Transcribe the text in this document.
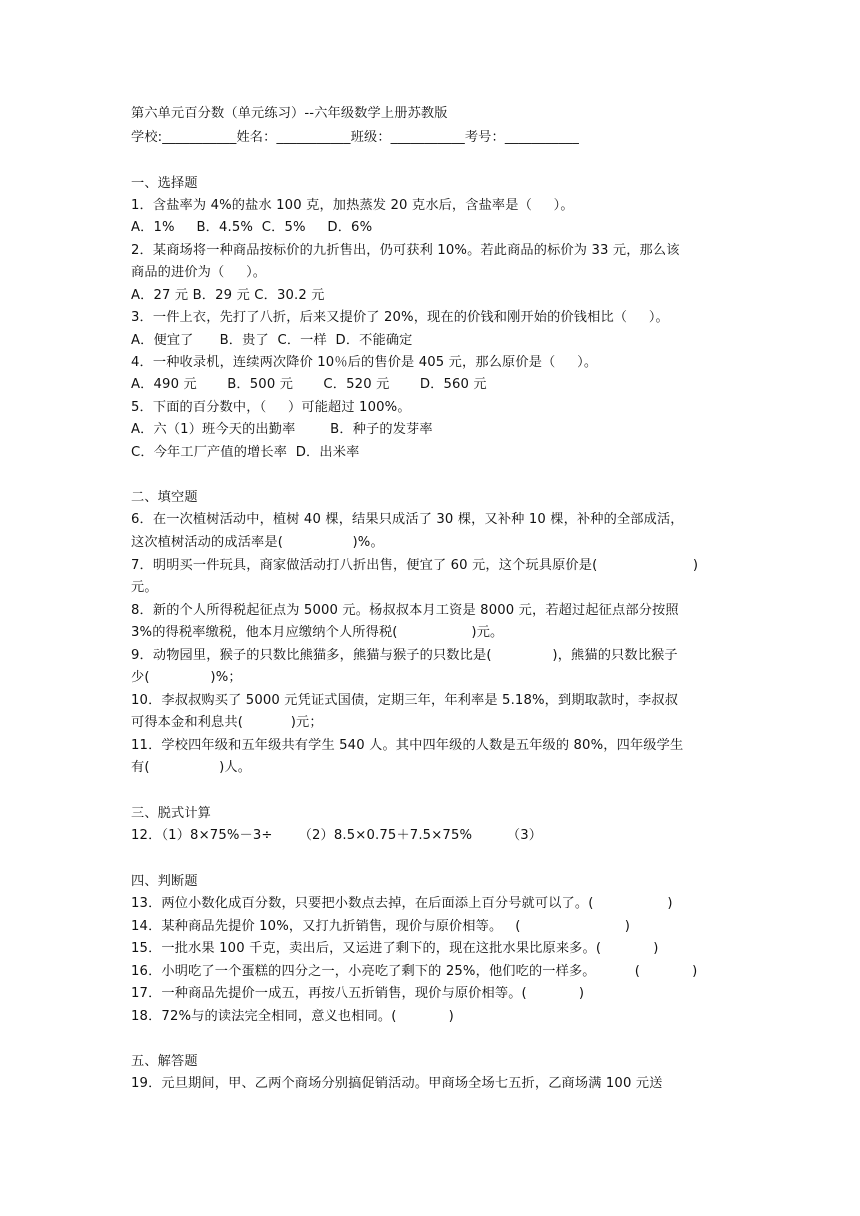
第六单元百分数（单元练习）--六年级数学上册苏教版
学校:___________姓名：___________班级：___________考号：___________
一、选择题
1．含盐率为 4%的盐水 100 克，加热蒸发 20 克水后，含盐率是（     ）。
A．1%     B．4.5%  C．5%     D．6%
2．某商场将一种商品按标价的九折售出，仍可获利 10%。若此商品的标价为 33 元，那么该
商品的进价为（     ）。
A．27 元 B．29 元 C．30.2 元
3．一件上衣，先打了八折，后来又提价了 20%，现在的价钱和刚开始的价钱相比（     ）。
A．便宜了      B．贵了  C．一样  D．不能确定
4．一种收录机，连续两次降价 10％后的售价是 405 元，那么原价是（     ）。
A．490 元       B．500 元       C．520 元       D．560 元
5．下面的百分数中，（     ）可能超过 100%。
A．六（1）班今天的出勤率        B．种子的发芽率
C．今年工厂产值的增长率  D．出米率
二、填空题
6．在一次植树活动中，植树 40 棵，结果只成活了 30 棵，又补种 10 棵，补种的全部成活，
这次植树活动的成活率是(                )%。
7．明明买一件玩具，商家做活动打八折出售，便宜了 60 元，这个玩具原价是(                      )
元。
8．新的个人所得税起征点为 5000 元。杨叔叔本月工资是 8000 元，若超过起征点部分按照
3%的得税率缴税，他本月应缴纳个人所得税(                 )元。
9．动物园里，猴子的只数比熊猫多，熊猫与猴子的只数比是(              )，熊猫的只数比猴子
少(              )%；
10．李叔叔购买了 5000 元凭证式国债，定期三年，年利率是 5.18%，到期取款时，李叔叔
可得本金和利息共(           )元；
11．学校四年级和五年级共有学生 540 人。其中四年级的人数是五年级的 80%，四年级学生
有(                )人。
三、脱式计算
12．（1）8×75%－3÷      （2）8.5×0.75＋7.5×75%        （3）
四、判断题
13．两位小数化成百分数，只要把小数点去掉，在后面添上百分号就可以了。(                 )
14．某种商品先提价 10%，又打九折销售，现价与原价相等。   (                        )
15．一批水果 100 千克，卖出后，又运进了剩下的，现在这批水果比原来多。(            )
16．小明吃了一个蛋糕的四分之一，小亮吃了剩下的 25%，他们吃的一样多。         (            )
17．一种商品先提价一成五，再按八五折销售，现价与原价相等。(            )
18．72%与的读法完全相同，意义也相同。(            )
五、解答题
19．元旦期间，甲、乙两个商场分别搞促销活动。甲商场全场七五折，乙商场满 100 元送
